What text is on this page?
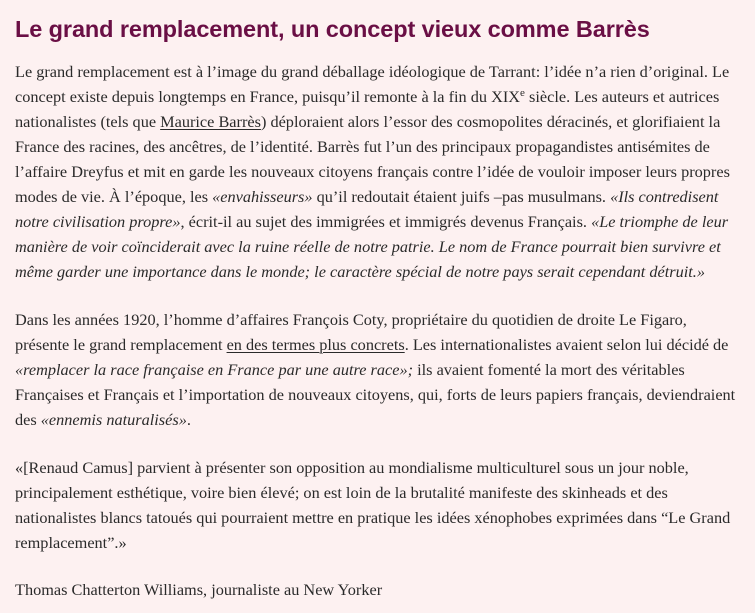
Le grand remplacement, un concept vieux comme Barrès

Le grand remplacement est à l’image du grand déballage idéologique de Tarrant: l’idée n’a rien d’original. Le concept existe depuis longtemps en France, puisqu’il remonte à la fin du XIXe siècle. Les auteurs et autrices nationalistes (tels que Maurice Barrès) déploraient alors l’essor des cosmopolites déracinés, et glorifiaient la France des racines, des ancêtres, de l’identité. Barrès fut l’un des principaux propagandistes antisémites de l’affaire Dreyfus et mit en garde les nouveaux citoyens français contre l’idée de vouloir imposer leurs propres modes de vie. À l’époque, les «envahisseurs» qu’il redoutait étaient juifs –pas musulmans. «Ils contredisent notre civilisation propre», écrit-il au sujet des immigrées et immigrés devenus Français. «Le triomphe de leur manière de voir coïnciderait avec la ruine réelle de notre patrie. Le nom de France pourrait bien survivre et même garder une importance dans le monde; le caractère spécial de notre pays serait cependant détruit.»

Dans les années 1920, l’homme d’affaires François Coty, propriétaire du quotidien de droite Le Figaro, présente le grand remplacement en des termes plus concrets. Les internationalistes avaient selon lui décidé de «remplacer la race française en France par une autre race»; ils avaient fomenté la mort des véritables Françaises et Français et l’importation de nouveaux citoyens, qui, forts de leurs papiers français, deviendraient des «ennemis naturalisés».

«[Renaud Camus] parvient à présenter son opposition au mondialisme multiculturel sous un jour noble, principalement esthétique, voire bien élevé; on est loin de la brutalité manifeste des skinheads et des nationalistes blancs tatoués qui pourraient mettre en pratique les idées xénophobes exprimées dans “Le Grand remplacement”.»

Thomas Chatterton Williams, journaliste au New Yorker
